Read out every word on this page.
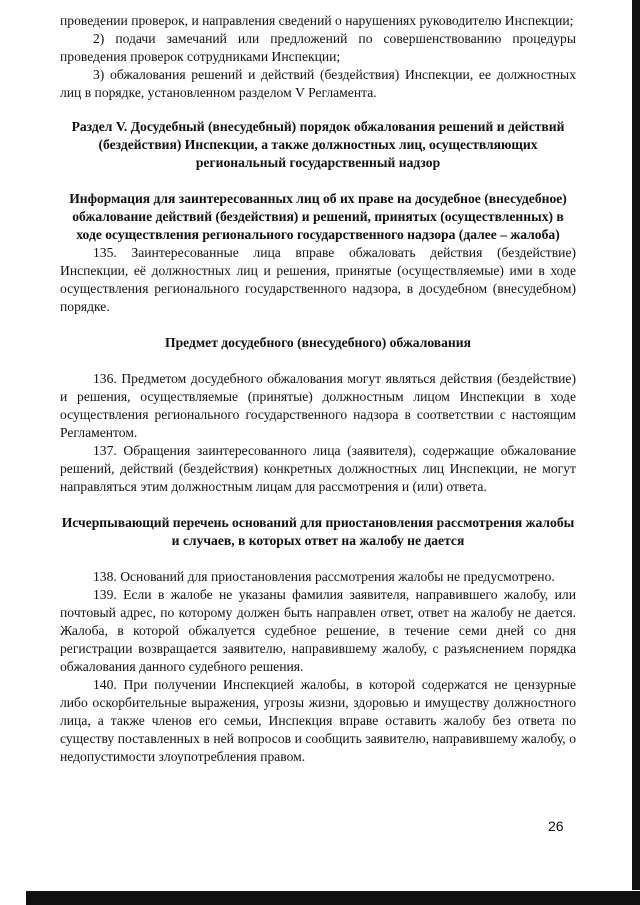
проведении проверок, и направления сведений о нарушениях руководителю Инспекции;

2) подачи замечаний или предложений по совершенствованию процедуры проведения проверок сотрудниками Инспекции;

3) обжалования решений и действий (бездействия) Инспекции, ее должностных лиц в порядке, установленном разделом V Регламента.

Раздел V. Досудебный (внесудебный) порядок обжалования решений и действий (бездействия) Инспекции, а также должностных лиц, осуществляющих региональный государственный надзор

Информация для заинтересованных лиц об их праве на досудебное (внесудебное) обжалование действий (бездействия) и решений, принятых (осуществленных) в ходе осуществления регионального государственного надзора (далее – жалоба)

135. Заинтересованные лица вправе обжаловать действия (бездействие) Инспекции, её должностных лиц и решения, принятые (осуществляемые) ими в ходе осуществления регионального государственного надзора, в досудебном (внесудебном) порядке.

Предмет досудебного (внесудебного) обжалования

136. Предметом досудебного обжалования могут являться действия (бездействие) и решения, осуществляемые (принятые) должностным лицом Инспекции в ходе осуществления регионального государственного надзора в соответствии с настоящим Регламентом.

137. Обращения заинтересованного лица (заявителя), содержащие обжалование решений, действий (бездействия) конкретных должностных лиц Инспекции, не могут направляться этим должностным лицам для рассмотрения и (или) ответа.

Исчерпывающий перечень оснований для приостановления рассмотрения жалобы и случаев, в которых ответ на жалобу не дается

138. Оснований для приостановления рассмотрения жалобы не предусмотрено.

139. Если в жалобе не указаны фамилия заявителя, направившего жалобу, или почтовый адрес, по которому должен быть направлен ответ, ответ на жалобу не дается. Жалоба, в которой обжалуется судебное решение, в течение семи дней со дня регистрации возвращается заявителю, направившему жалобу, с разъяснением порядка обжалования данного судебного решения.

140. При получении Инспекцией жалобы, в которой содержатся не цензурные либо оскорбительные выражения, угрозы жизни, здоровью и имуществу должностного лица, а также членов его семьи, Инспекция вправе оставить жалобу без ответа по существу поставленных в ней вопросов и сообщить заявителю, направившему жалобу, о недопустимости злоупотребления правом.

26
